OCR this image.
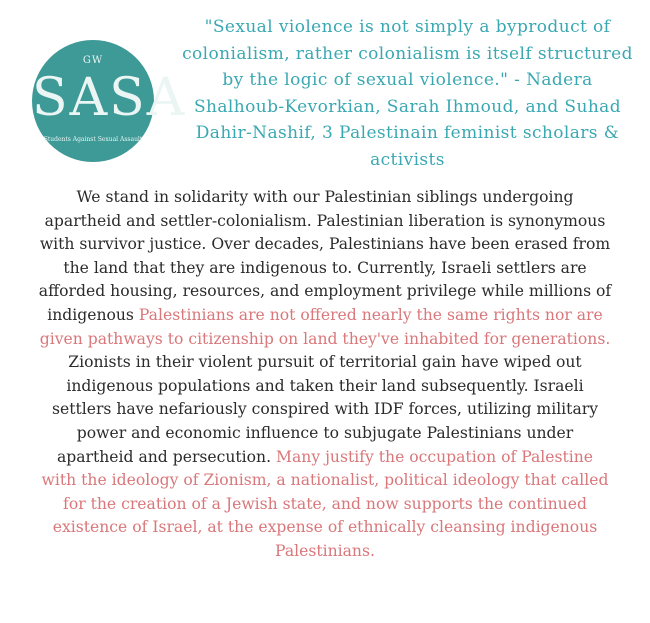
GW
SASA
Students Against Sexual Assault
"Sexual violence is not simply a byproduct of colonialism, rather colonialism is itself structured by the logic of sexual violence." - Nadera Shalhoub-Kevorkian, Sarah Ihmoud, and Suhad Dahir-Nashif, 3 Palestinain feminist scholars & activists
We stand in solidarity with our Palestinian siblings undergoing apartheid and settler-colonialism. Palestinian liberation is synonymous with survivor justice. Over decades, Palestinians have been erased from the land that they are indigenous to. Currently, Israeli settlers are afforded housing, resources, and employment privilege while millions of indigenous Palestinians are not offered nearly the same rights nor are given pathways to citizenship on land they've inhabited for generations. Zionists in their violent pursuit of territorial gain have wiped out indigenous populations and taken their land subsequently. Israeli settlers have nefariously conspired with IDF forces, utilizing military power and economic influence to subjugate Palestinians under apartheid and persecution. Many justify the occupation of Palestine with the ideology of Zionism, a nationalist, political ideology that called for the creation of a Jewish state, and now supports the continued existence of Israel, at the expense of ethnically cleansing indigenous Palestinians.
